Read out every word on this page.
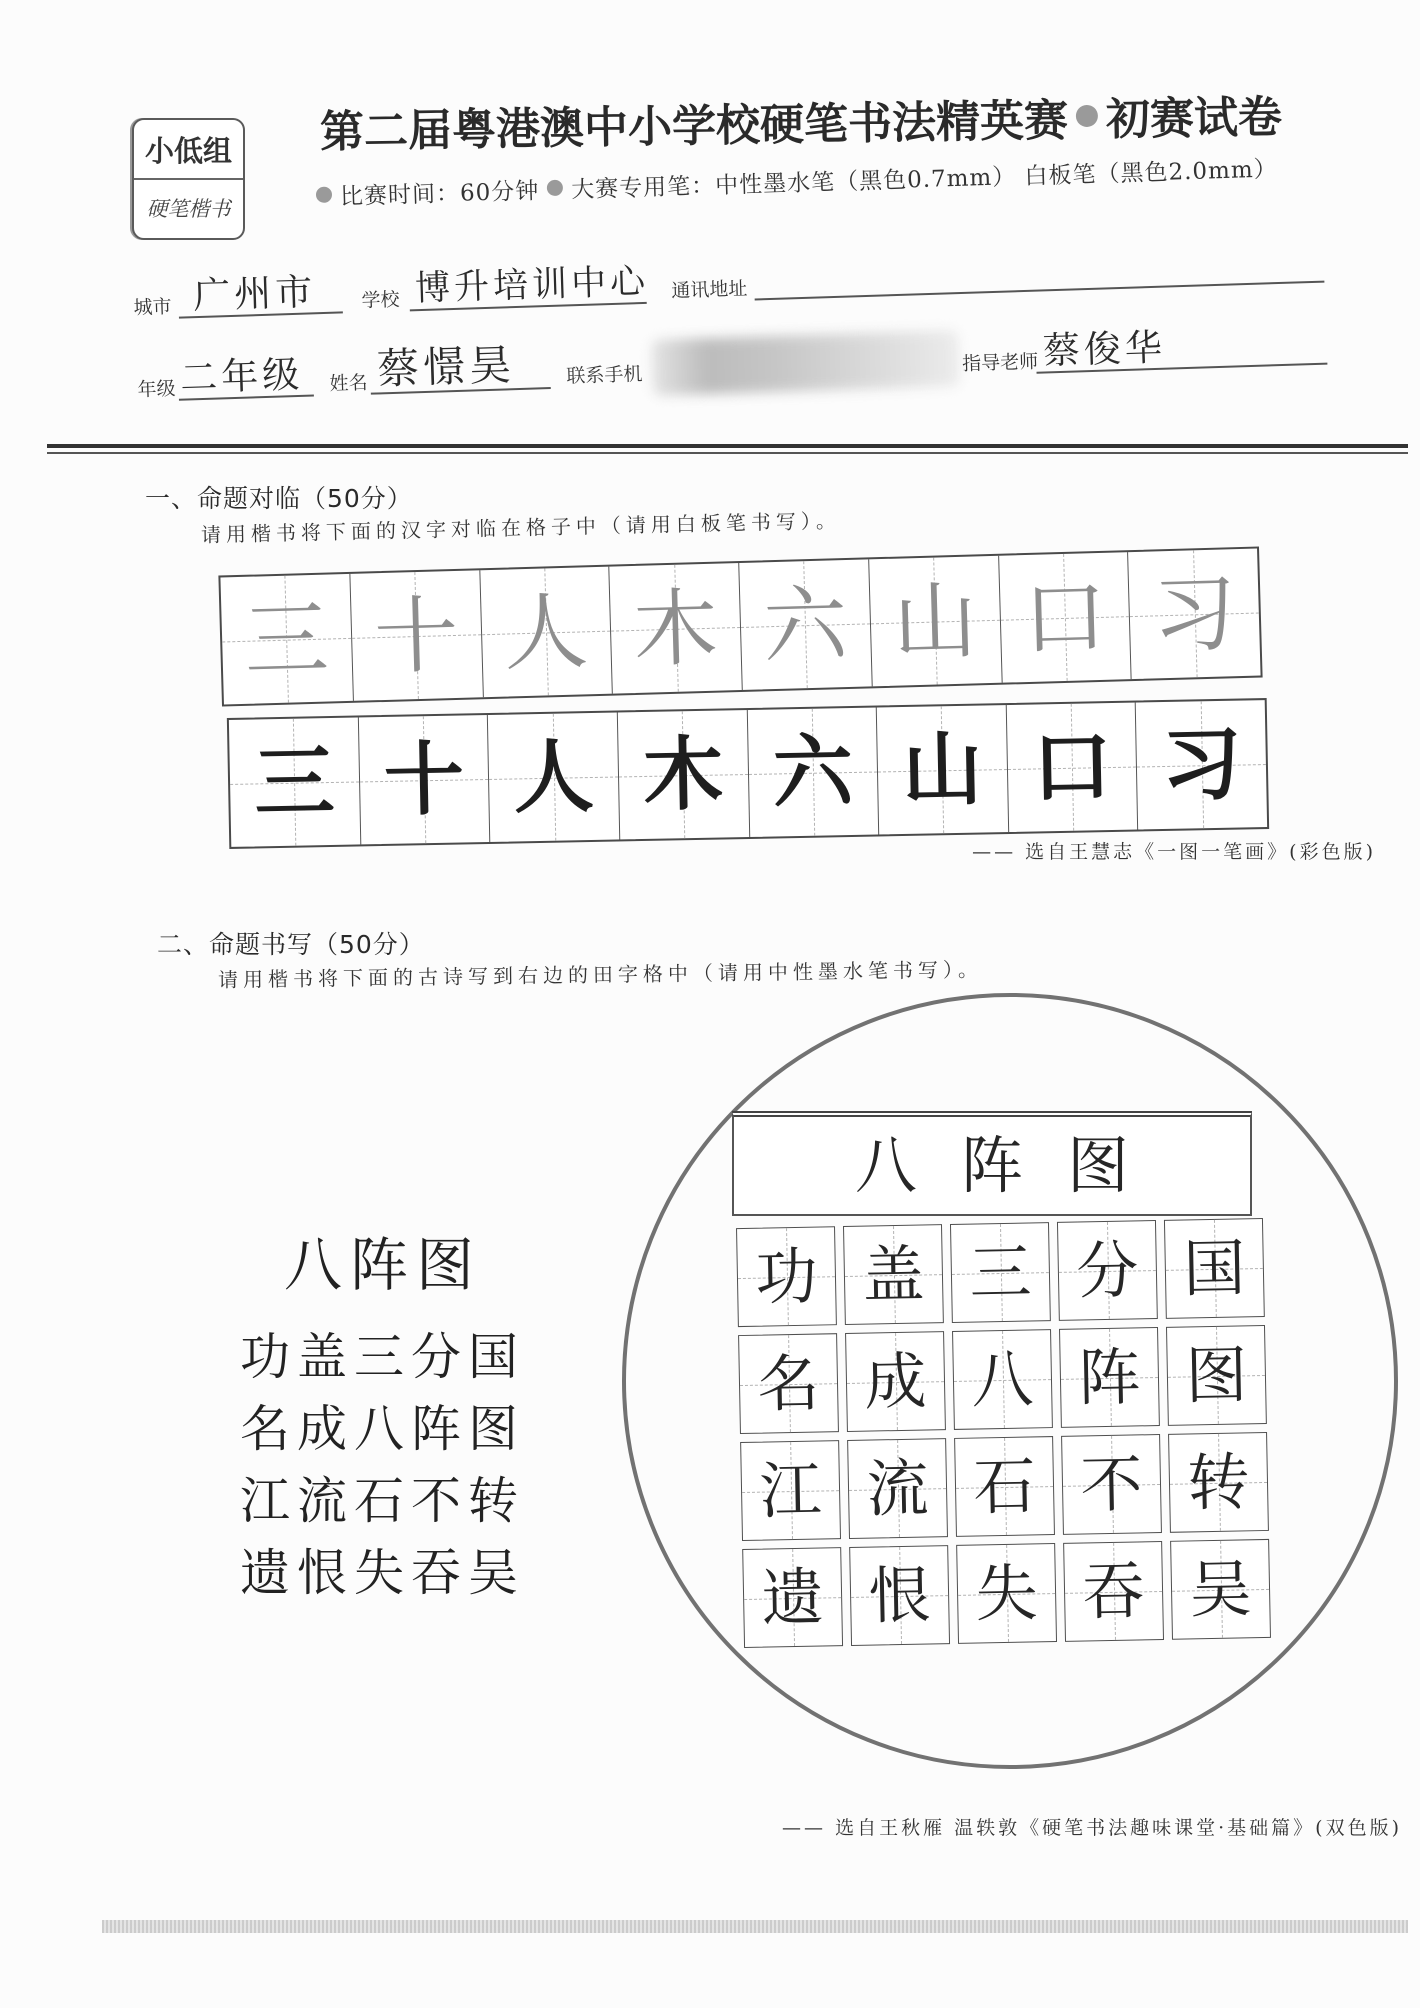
小低组
硬笔楷书
第二届粤港澳中小学校硬笔书法精英赛 初赛试卷
比赛时间：60分钟 大赛专用笔：中性墨水笔（黑色0.7mm） 白板笔（黑色2.0mm）
城市 广州市 学校 博升培训中心 通讯地址
年级 二年级 姓名 蔡憬昊	联系手机
指导老师 蔡俊华
一、命题对临（50分）
请用楷书将下面的汉字对临在格子中（请用白板笔书写）。
三 十 人 木 六 山 口 习
三 十 人 木 六 山 口 习
—— 选自王慧志《一图一笔画》(彩色版)
二、命题书写（50分）
请用楷书将下面的古诗写到右边的田字格中（请用中性墨水笔书写）。
八阵图
功盖三分国
名成八阵图
江流石不转
遗恨失吞吴
八阵图
功 盖 三 分 国
名 成 八 阵 图
江 流 石 不 转
遗 恨 失 吞 吴
—— 选自王秋雁 温轶敦《硬笔书法趣味课堂·基础篇》(双色版)
